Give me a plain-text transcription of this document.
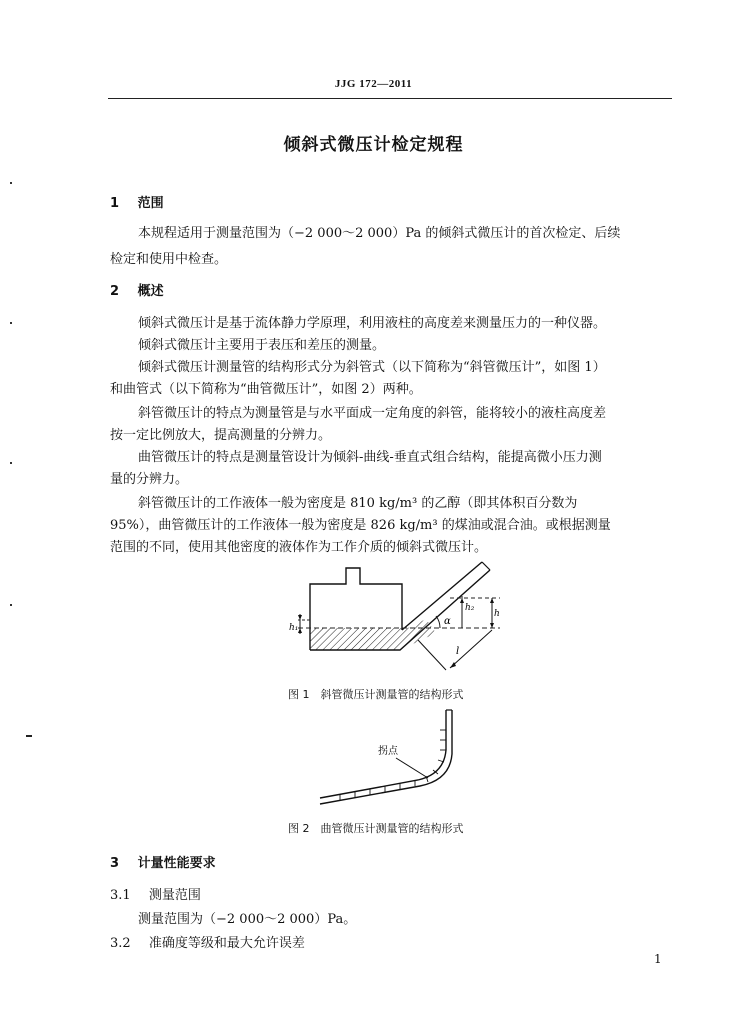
JJG 172—2011
倾斜式微压计检定规程
1 范围
本规程适用于测量范围为（−2 000～2 000）Pa 的倾斜式微压计的首次检定、后续
检定和使用中检查。
2 概述
倾斜式微压计是基于流体静力学原理，利用液柱的高度差来测量压力的一种仪器。
倾斜式微压计主要用于表压和差压的测量。
倾斜式微压计测量管的结构形式分为斜管式（以下简称为“斜管微压计”，如图 1）
和曲管式（以下简称为“曲管微压计”，如图 2）两种。
斜管微压计的特点为测量管是与水平面成一定角度的斜管，能将较小的液柱高度差
按一定比例放大，提高测量的分辨力。
曲管微压计的特点是测量管设计为倾斜-曲线-垂直式组合结构，能提高微小压力测
量的分辨力。
斜管微压计的工作液体一般为密度是 810 kg/m³ 的乙醇（即其体积百分数为
95%），曲管微压计的工作液体一般为密度是 826 kg/m³ 的煤油或混合油。或根据测量
范围的不同，使用其他密度的液体作为工作介质的倾斜式微压计。
h₁
h₂
h
α
l
图 1　斜管微压计测量管的结构形式
拐点
图 2　曲管微压计测量管的结构形式
3 计量性能要求
3.1 测量范围
测量范围为（−2 000～2 000）Pa。
3.2 准确度等级和最大允许误差
1
